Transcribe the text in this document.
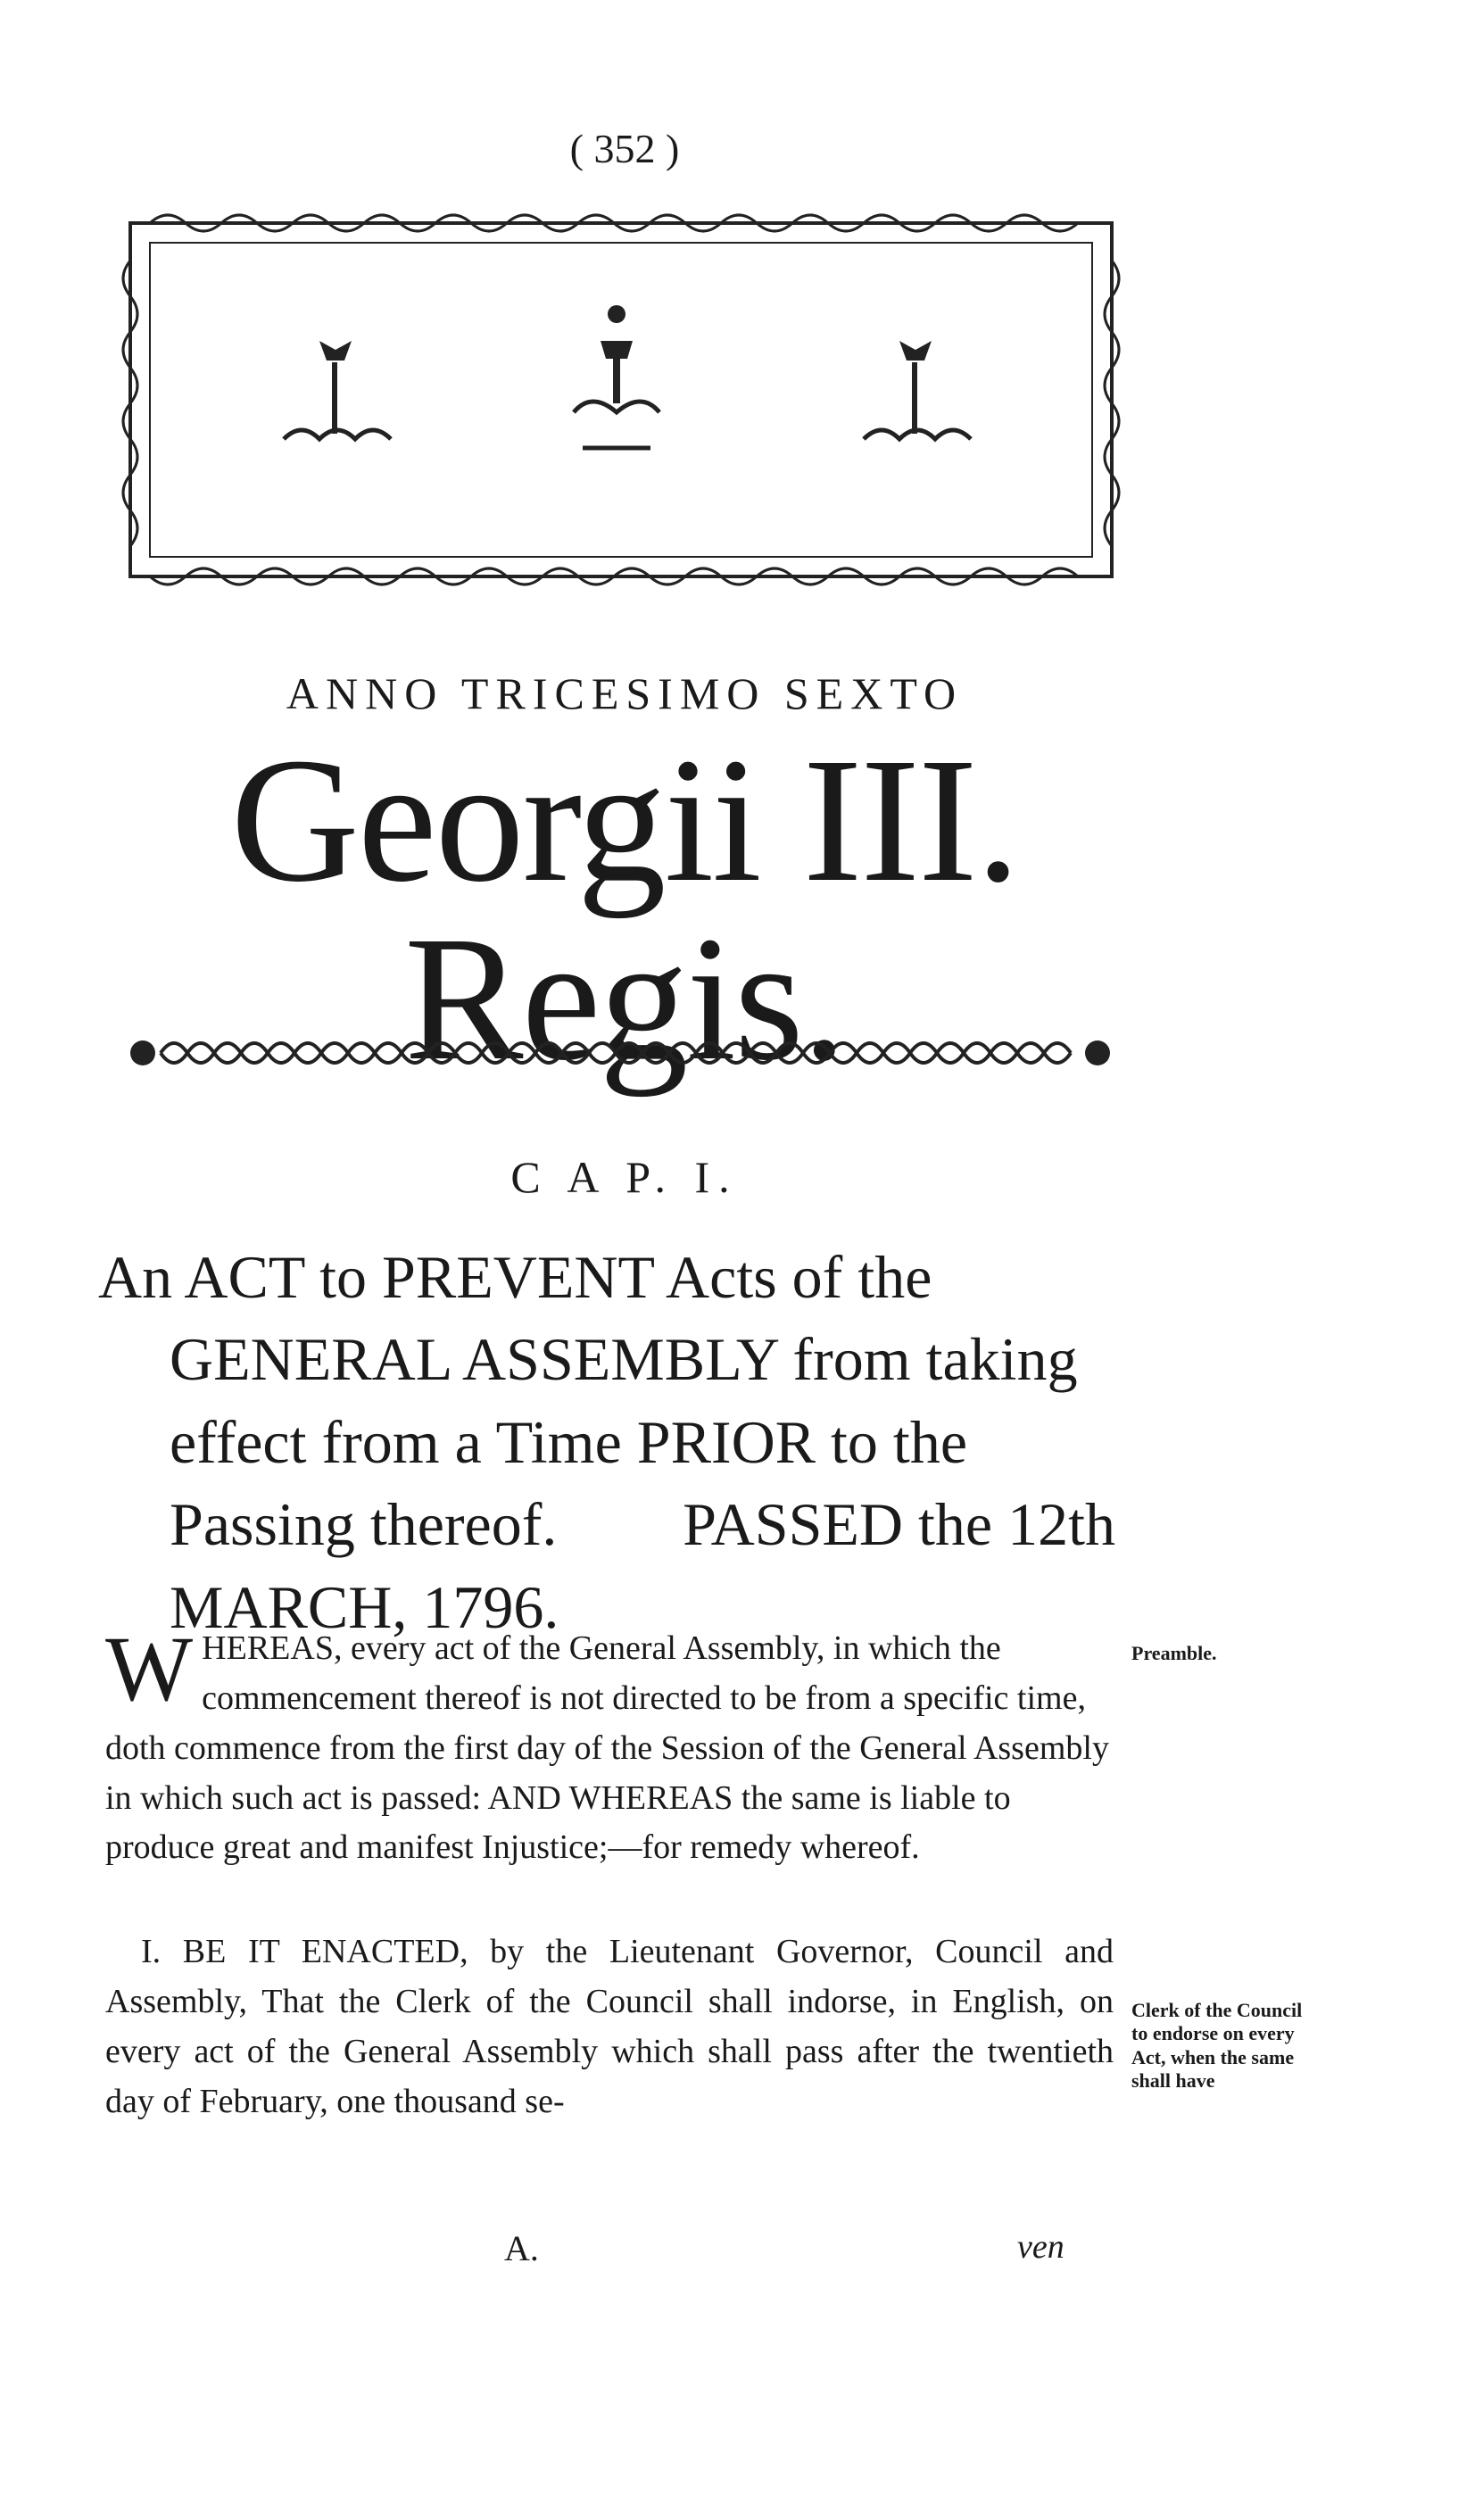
( 352 )
ANNO TRICESIMO SEXTO
Georgii III. Regis.
C A P. I.

An ACT to PREVENT Acts of the

GENERAL ASSEMBLY from taking

effect from a Time PRIOR to the

Passing thereof. PASSED the 12th

MARCH, 1796.

W HEREAS, every act of the General Assembly, in which the commencement thereof is not directed to be from a specific time, doth commence from the first day of the Session of the General Assembly in which such act is passed: AND WHEREAS the same is liable to produce great and manifest Injustice;—for remedy whereof.
Preamble.
I. BE IT ENACTED, by the Lieutenant Governor, Council and Assembly, That the Clerk of the Council shall indorse, in English, on every act of the General Assembly which shall pass after the twentieth day of February, one thousand se-
Clerk of the Council to endorse on every Act, when the same shall have
A.	ven
